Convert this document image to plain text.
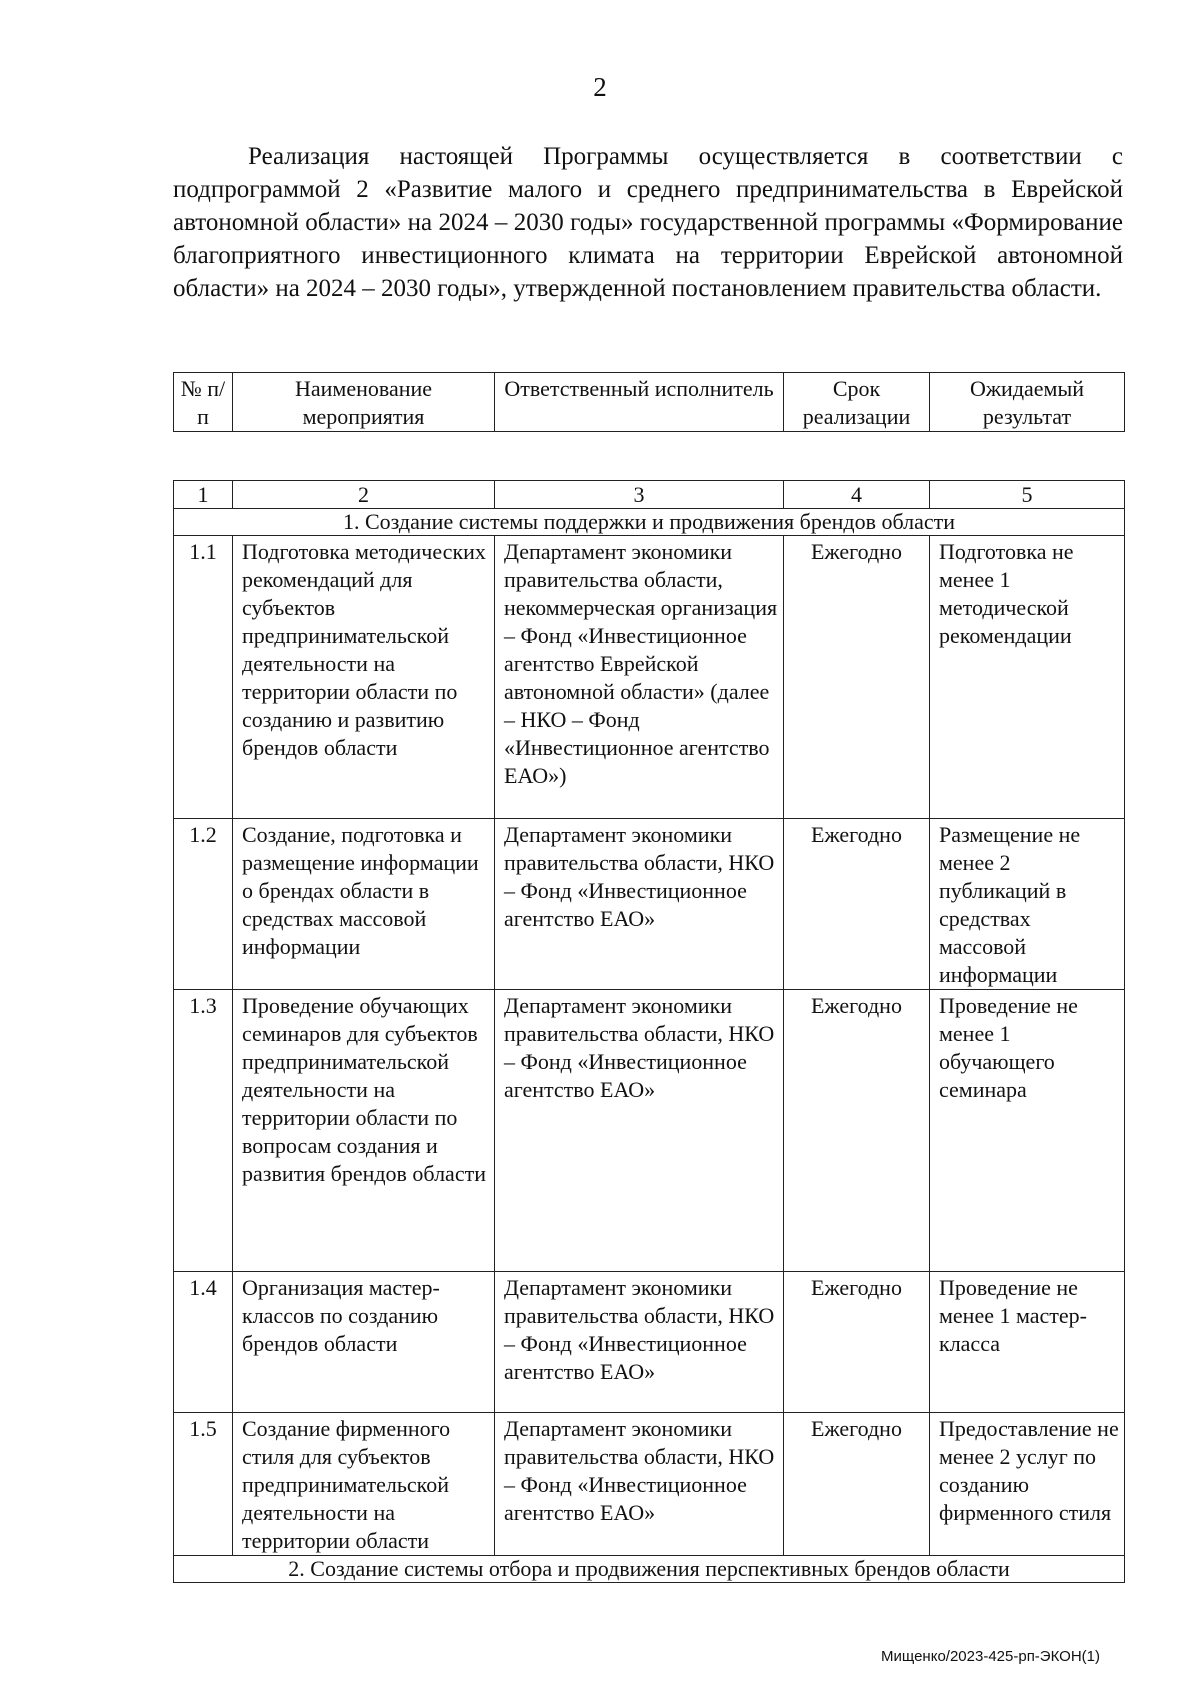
2

Реализация настоящей Программы осуществляется в соответствии с подпрограммой 2 «Развитие малого и среднего предпринимательства в Еврейской автономной области» на 2024 – 2030 годы» государственной программы «Формирование благоприятного инвестиционного климата на территории Еврейской автономной области» на 2024 – 2030 годы», утвержденной постановлением правительства области.

№ п/п	Наименование мероприятия	Ответственный исполнитель	Срок реализации	Ожидаемый результат
1	2	3	4	5
1. Создание системы поддержки и продвижения брендов области				
1.1	Подготовка методических рекомендаций для субъектов предпринимательской деятельности на территории области по созданию и развитию брендов области	Департамент экономики правительства области, некоммерческая организация – Фонд «Инвестиционное агентство Еврейской автономной области» (далее – НКО – Фонд «Инвестиционное агентство ЕАО»)	Ежегодно	Подготовка не менее 1 методической рекомендации
1.2	Создание, подготовка и размещение информации о брендах области в средствах массовой информации	Департамент экономики правительства области, НКО – Фонд «Инвестиционное агентство ЕАО»	Ежегодно	Размещение не менее 2 публикаций в средствах массовой информации
1.3	Проведение обучающих семинаров для субъектов предпринимательской деятельности на территории области по вопросам создания и развития брендов области	Департамент экономики правительства области, НКО – Фонд «Инвестиционное агентство ЕАО»	Ежегодно	Проведение не менее 1 обучающего семинара
1.4	Организация мастер-классов по созданию брендов области	Департамент экономики правительства области, НКО – Фонд «Инвестиционное агентство ЕАО»	Ежегодно	Проведение не менее 1 мастер-класса
1.5	Создание фирменного стиля для субъектов предпринимательской деятельности на территории области	Департамент экономики правительства области, НКО – Фонд «Инвестиционное агентство ЕАО»	Ежегодно	Предоставление не менее 2 услуг по созданию фирменного стиля
2. Создание системы отбора и продвижения перспективных брендов области				
Мищенко/2023-425-рп-ЭКОН(1)
